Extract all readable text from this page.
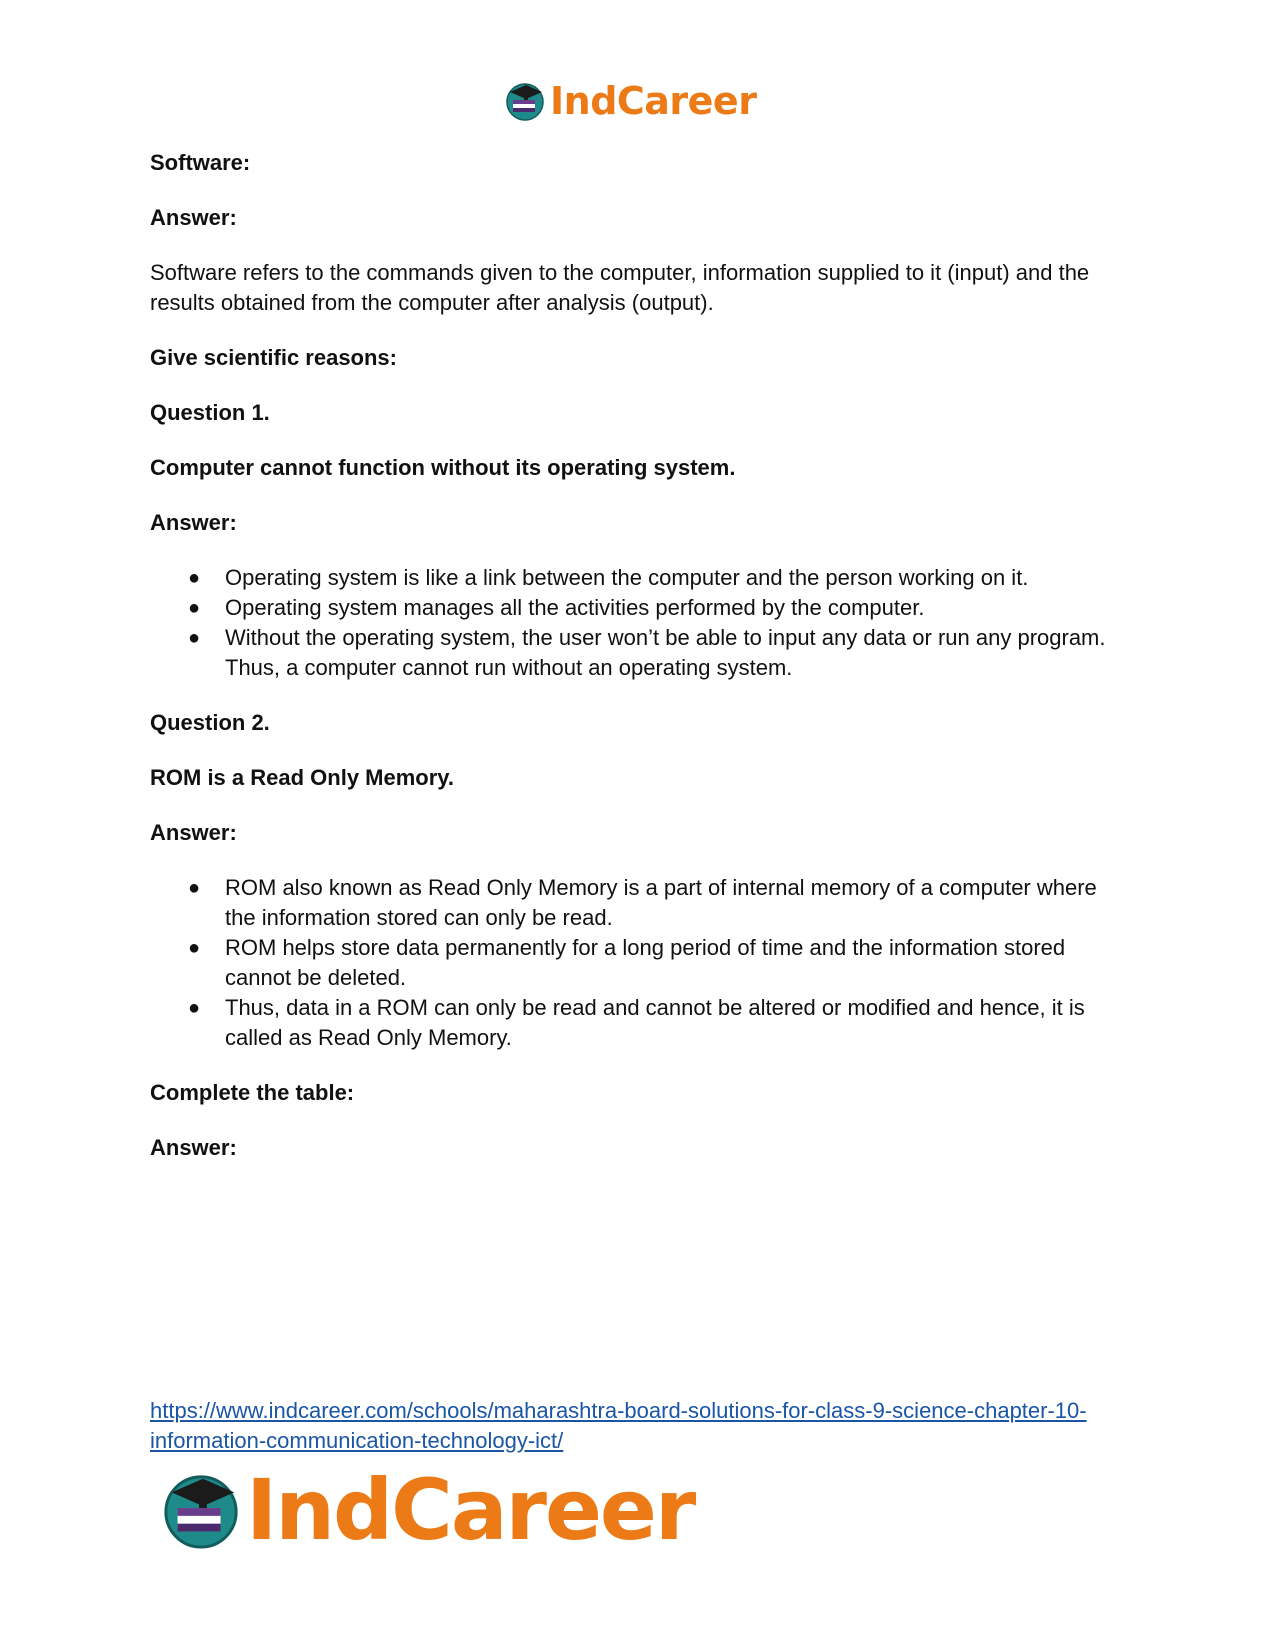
IndCareer

Software:

Answer:

Software refers to the commands given to the computer, information supplied to it (input) and the results obtained from the computer after analysis (output).

Give scientific reasons:

Question 1.

Computer cannot function without its operating system.

Answer:

● Operating system is like a link between the computer and the person working on it.
● Operating system manages all the activities performed by the computer.
● Without the operating system, the user won’t be able to input any data or run any program. Thus, a computer cannot run without an operating system.

Question 2.

ROM is a Read Only Memory.

Answer:

● ROM also known as Read Only Memory is a part of internal memory of a computer where the information stored can only be read.
● ROM helps store data permanently for a long period of time and the information stored cannot be deleted.
● Thus, data in a ROM can only be read and cannot be altered or modified and hence, it is called as Read Only Memory.

Complete the table:

Answer:

https://www.indcareer.com/schools/maharashtra-board-solutions-for-class-9-science-chapter-10-information-communication-technology-ict/
IndCareer
